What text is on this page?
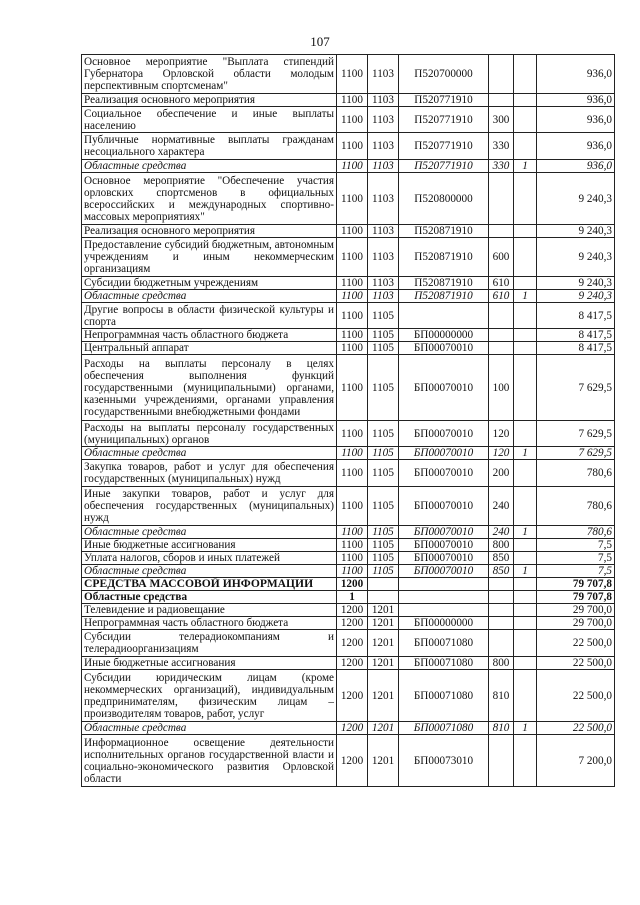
107
Основное мероприятие "Выплата стипендий Губернатора Орловской области молодым перспективным спортсменам"	1100	1103	П520700000			936,0
Реализация основного мероприятия	1100	1103	П520771910			936,0
Социальное обеспечение и иные выплаты населению	1100	1103	П520771910	300		936,0
Публичные нормативные выплаты гражданам несоциального характера	1100	1103	П520771910	330		936,0
Областные средства	1100	1103	П520771910	330	1	936,0
Основное мероприятие "Обеспечение участия орловских спортсменов в официальных всероссийских и международных спортивно-массовых мероприятиях"	1100	1103	П520800000			9 240,3
Реализация основного мероприятия	1100	1103	П520871910			9 240,3
Предоставление субсидий бюджетным, автономным учреждениям и иным некоммерческим организациям	1100	1103	П520871910	600		9 240,3
Субсидии бюджетным учреждениям	1100	1103	П520871910	610		9 240,3
Областные средства	1100	1103	П520871910	610	1	9 240,3
Другие вопросы в области физической культуры и спорта	1100	1105				8 417,5
Непрограммная часть областного бюджета	1100	1105	БП00000000			8 417,5
Центральный аппарат	1100	1105	БП00070010			8 417,5
Расходы на выплаты персоналу в целях обеспечения выполнения функций государственными (муниципальными) органами, казенными учреждениями, органами управления государственными внебюджетными фондами	1100	1105	БП00070010	100		7 629,5
Расходы на выплаты персоналу государственных (муниципальных) органов	1100	1105	БП00070010	120		7 629,5
Областные средства	1100	1105	БП00070010	120	1	7 629,5
Закупка товаров, работ и услуг для обеспечения государственных (муниципальных) нужд	1100	1105	БП00070010	200		780,6
Иные закупки товаров, работ и услуг для обеспечения государственных (муниципальных) нужд	1100	1105	БП00070010	240		780,6
Областные средства	1100	1105	БП00070010	240	1	780,6
Иные бюджетные ассигнования	1100	1105	БП00070010	800		7,5
Уплата налогов, сборов и иных платежей	1100	1105	БП00070010	850		7,5
Областные средства	1100	1105	БП00070010	850	1	7,5
СРЕДСТВА МАССОВОЙ ИНФОРМАЦИИ	1200					79 707,8
Областные средства	1					79 707,8
Телевидение и радиовещание	1200	1201				29 700,0
Непрограммная часть областного бюджета	1200	1201	БП00000000			29 700,0
Субсидии телерадиокомпаниям и телерадиоорганизациям	1200	1201	БП00071080			22 500,0
Иные бюджетные ассигнования	1200	1201	БП00071080	800		22 500,0
Субсидии юридическим лицам (кроме некоммерческих организаций), индивидуальным предпринимателям, физическим лицам – производителям товаров, работ, услуг	1200	1201	БП00071080	810		22 500,0
Областные средства	1200	1201	БП00071080	810	1	22 500,0
Информационное освещение деятельности исполнительных органов государственной власти и социально-экономического развития Орловской области	1200	1201	БП00073010			7 200,0
